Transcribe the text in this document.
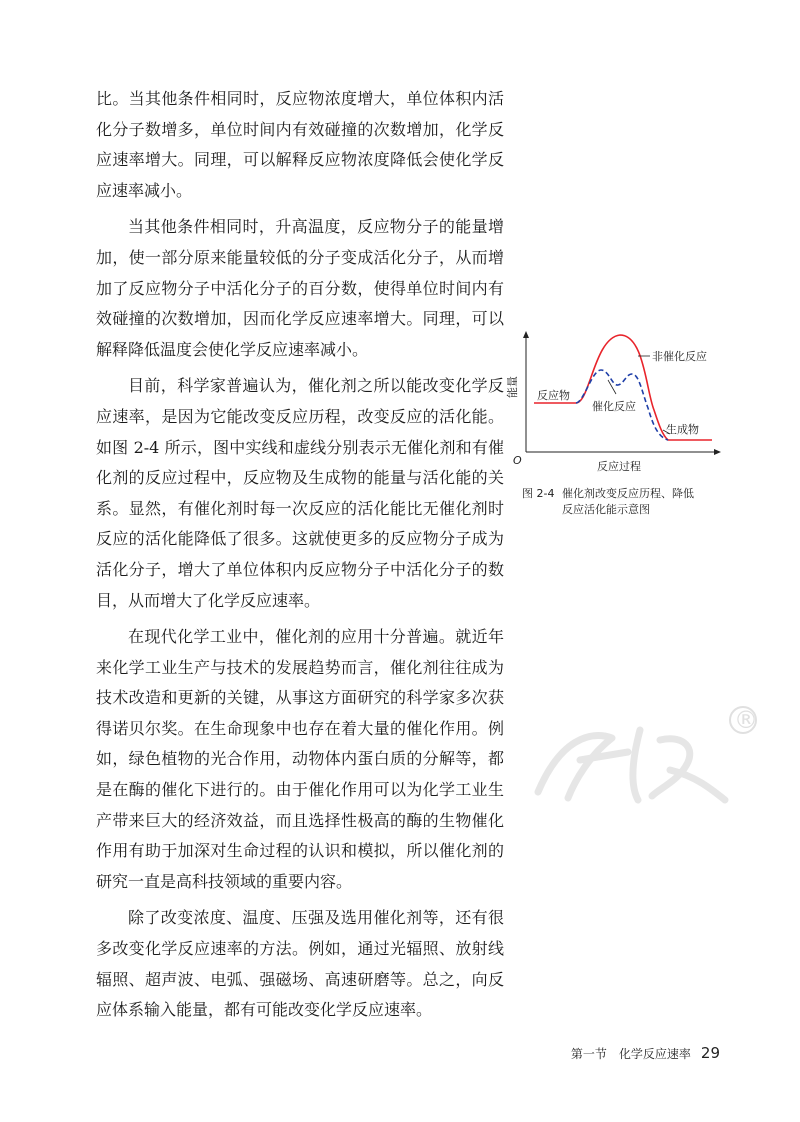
比。当其他条件相同时，反应物浓度增大，单位体积内活化分子数增多，单位时间内有效碰撞的次数增加，化学反应速率增大。同理，可以解释反应物浓度降低会使化学反应速率减小。

当其他条件相同时，升高温度，反应物分子的能量增加，使一部分原来能量较低的分子变成活化分子，从而增加了反应物分子中活化分子的百分数，使得单位时间内有效碰撞的次数增加，因而化学反应速率增大。同理，可以解释降低温度会使化学反应速率减小。

目前，科学家普遍认为，催化剂之所以能改变化学反应速率，是因为它能改变反应历程，改变反应的活化能。如图 2-4 所示，图中实线和虚线分别表示无催化剂和有催化剂的反应过程中，反应物及生成物的能量与活化能的关系。显然，有催化剂时每一次反应的活化能比无催化剂时反应的活化能降低了很多。这就使更多的反应物分子成为活化分子，增大了单位体积内反应物分子中活化分子的数目，从而增大了化学反应速率。

在现代化学工业中，催化剂的应用十分普遍。就近年来化学工业生产与技术的发展趋势而言，催化剂往往成为技术改造和更新的关键，从事这方面研究的科学家多次获得诺贝尔奖。在生命现象中也存在着大量的催化作用。例如，绿色植物的光合作用，动物体内蛋白质的分解等，都是在酶的催化下进行的。由于催化作用可以为化学工业生产带来巨大的经济效益，而且选择性极高的酶的生物催化作用有助于加深对生命过程的认识和模拟，所以催化剂的研究一直是高科技领域的重要内容。

除了改变浓度、温度、压强及选用催化剂等，还有很多改变化学反应速率的方法。例如，通过光辐照、放射线辐照、超声波、电弧、强磁场、高速研磨等。总之，向反应体系输入能量，都有可能改变化学反应速率。

能量
O	反应过程
反应物
非催化反应
催化反应
生成物
图 2-4 催化剂改变反应历程、降低
反应活化能示意图
®
第一节　化学反应速率 29
